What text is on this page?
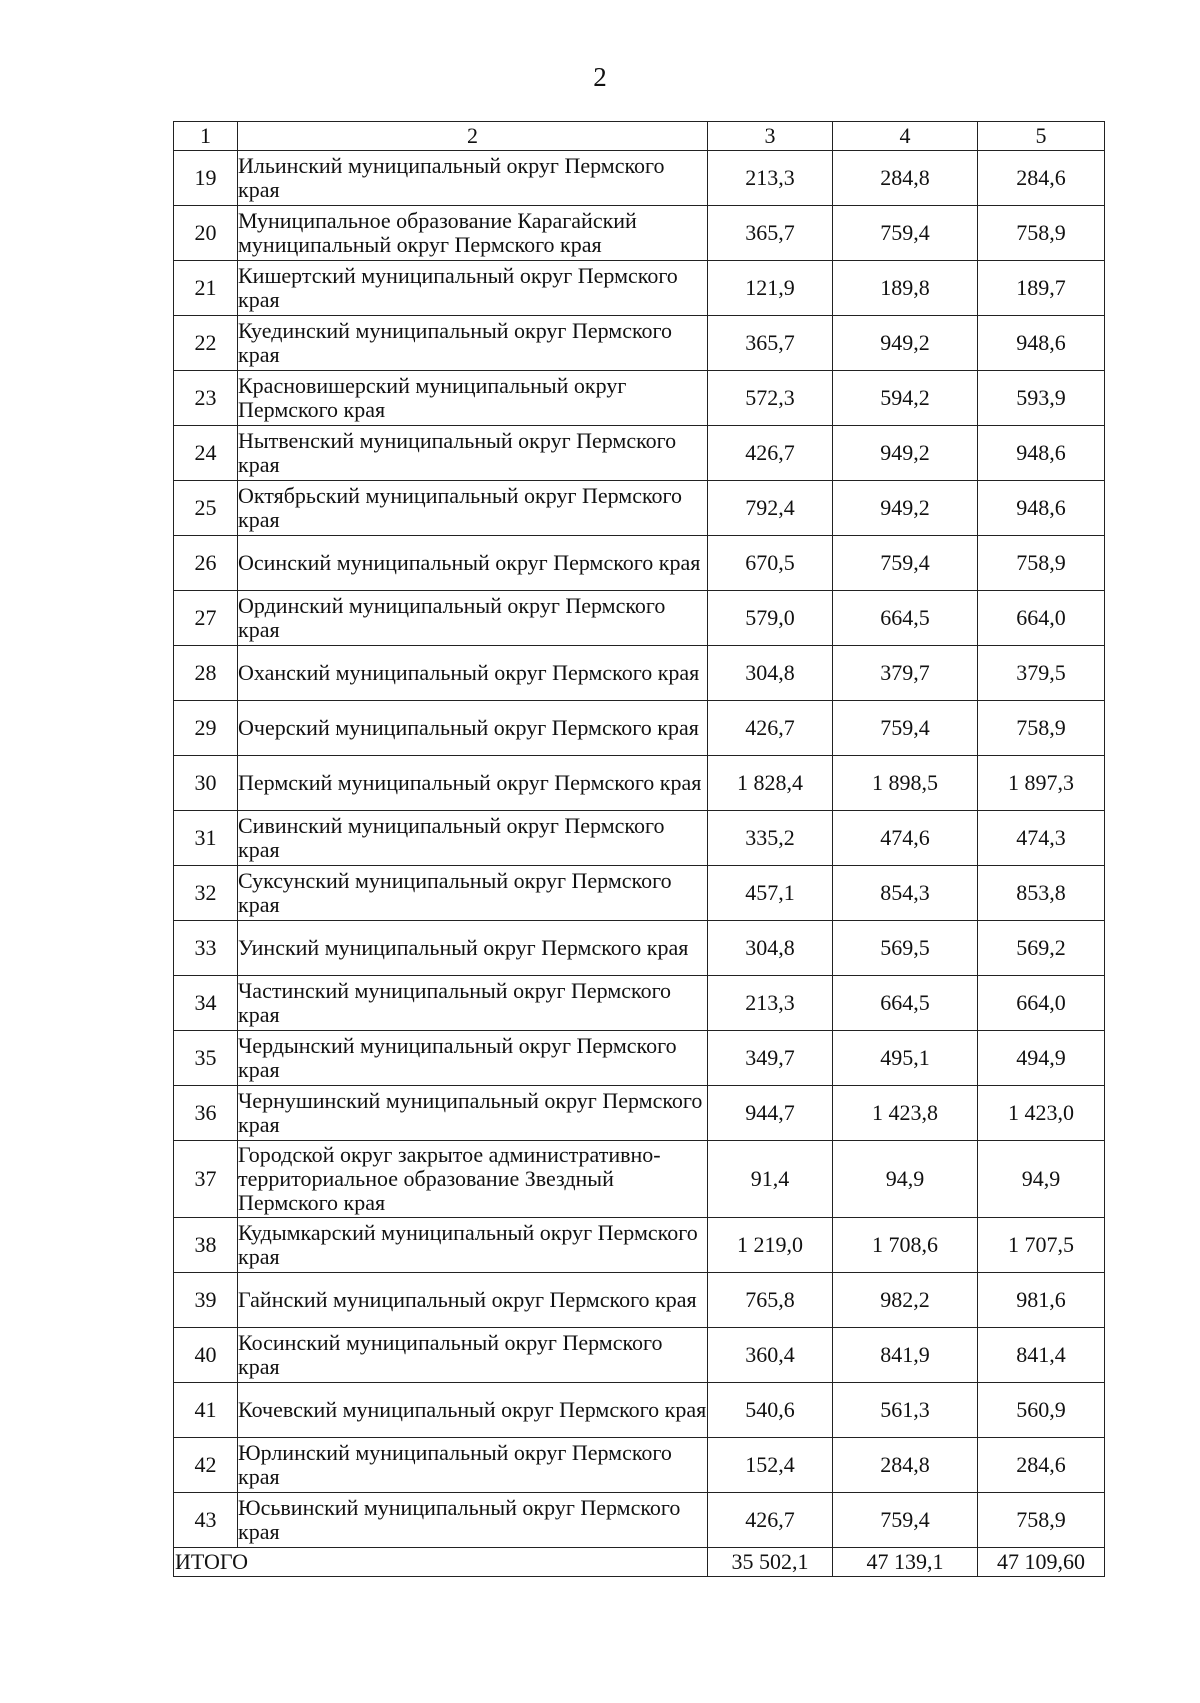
2
1	2	3	4	5
19	Ильинский муниципальный округ Пермского края	213,3	284,8	284,6
20	Муниципальное образование Карагайский муниципальный округ Пермского края	365,7	759,4	758,9
21	Кишертский муниципальный округ Пермского края	121,9	189,8	189,7
22	Куединский муниципальный округ Пермского края	365,7	949,2	948,6
23	Красновишерский муниципальный округ Пермского края	572,3	594,2	593,9
24	Нытвенский муниципальный округ Пермского края	426,7	949,2	948,6
25	Октябрьский муниципальный округ Пермского края	792,4	949,2	948,6
26	Осинский муниципальный округ Пермского края	670,5	759,4	758,9
27	Ординский муниципальный округ Пермского края	579,0	664,5	664,0
28	Оханский муниципальный округ Пермского края	304,8	379,7	379,5
29	Очерский муниципальный округ Пермского края	426,7	759,4	758,9
30	Пермский муниципальный округ Пермского края	1 828,4	1 898,5	1 897,3
31	Сивинский муниципальный округ Пермского края	335,2	474,6	474,3
32	Суксунский муниципальный округ Пермского края	457,1	854,3	853,8
33	Уинский муниципальный округ Пермского края	304,8	569,5	569,2
34	Частинский муниципальный округ Пермского края	213,3	664,5	664,0
35	Чердынский муниципальный округ Пермского края	349,7	495,1	494,9
36	Чернушинский муниципальный округ Пермского края	944,7	1 423,8	1 423,0
37	Городской округ закрытое административно-территориальное образование Звездный Пермского края	91,4	94,9	94,9
38	Кудымкарский муниципальный округ Пермского края	1 219,0	1 708,6	1 707,5
39	Гайнский муниципальный округ Пермского края	765,8	982,2	981,6
40	Косинский муниципальный округ Пермского края	360,4	841,9	841,4
41	Кочевский муниципальный округ Пермского края	540,6	561,3	560,9
42	Юрлинский муниципальный округ Пермского края	152,4	284,8	284,6
43	Юсьвинский муниципальный округ Пермского края	426,7	759,4	758,9
ИТОГО		35 502,1	47 139,1	47 109,60
